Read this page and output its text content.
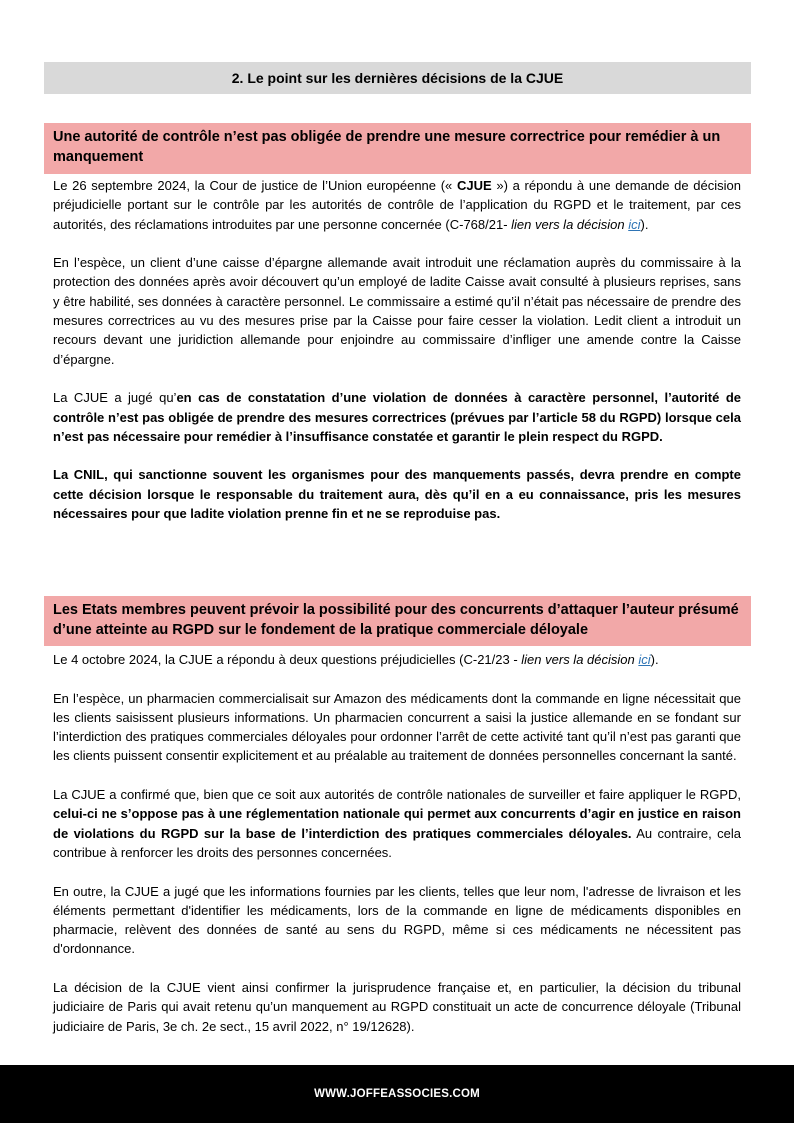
2. Le point sur les dernières décisions de la CJUE
Une autorité de contrôle n’est pas obligée de prendre une mesure correctrice pour remédier à un manquement

Le 26 septembre 2024, la Cour de justice de l’Union européenne (« CJUE ») a répondu à une demande de décision préjudicielle portant sur le contrôle par les autorités de contrôle de l’application du RGPD et le traitement, par ces autorités, des réclamations introduites par une personne concernée (C-768/21- lien vers la décision ici).

En l’espèce, un client d’une caisse d’épargne allemande avait introduit une réclamation auprès du commissaire à la protection des données après avoir découvert qu’un employé de ladite Caisse avait consulté à plusieurs reprises, sans y être habilité, ses données à caractère personnel. Le commissaire a estimé qu’il n’était pas nécessaire de prendre des mesures correctrices au vu des mesures prise par la Caisse pour faire cesser la violation. Ledit client a introduit un recours devant une juridiction allemande pour enjoindre au commissaire d’infliger une amende contre la Caisse d’épargne.

La CJUE a jugé qu’en cas de constatation d’une violation de données à caractère personnel, l’autorité de contrôle n’est pas obligée de prendre des mesures correctrices (prévues par l’article 58 du RGPD) lorsque cela n’est pas nécessaire pour remédier à l’insuffisance constatée et garantir le plein respect du RGPD.

La CNIL, qui sanctionne souvent les organismes pour des manquements passés, devra prendre en compte cette décision lorsque le responsable du traitement aura, dès qu’il en a eu connaissance, pris les mesures nécessaires pour que ladite violation prenne fin et ne se reproduise pas.

Les Etats membres peuvent prévoir la possibilité pour des concurrents d’attaquer l’auteur présumé d’une atteinte au RGPD sur le fondement de la pratique commerciale déloyale

Le 4 octobre 2024, la CJUE a répondu à deux questions préjudicielles (C-21/23 - lien vers la décision ici).

En l’espèce, un pharmacien commercialisait sur Amazon des médicaments dont la commande en ligne nécessitait que les clients saisissent plusieurs informations. Un pharmacien concurrent a saisi la justice allemande en se fondant sur l’interdiction des pratiques commerciales déloyales pour ordonner l’arrêt de cette activité tant qu’il n’est pas garanti que les clients puissent consentir explicitement et au préalable au traitement de données personnelles concernant la santé.

La CJUE a confirmé que, bien que ce soit aux autorités de contrôle nationales de surveiller et faire appliquer le RGPD, celui-ci ne s’oppose pas à une réglementation nationale qui permet aux concurrents d’agir en justice en raison de violations du RGPD sur la base de l’interdiction des pratiques commerciales déloyales. Au contraire, cela contribue à renforcer les droits des personnes concernées.

En outre, la CJUE a jugé que les informations fournies par les clients, telles que leur nom, l'adresse de livraison et les éléments permettant d'identifier les médicaments, lors de la commande en ligne de médicaments disponibles en pharmacie, relèvent des données de santé au sens du RGPD, même si ces médicaments ne nécessitent pas d'ordonnance.

La décision de la CJUE vient ainsi confirmer la jurisprudence française et, en particulier, la décision du tribunal judiciaire de Paris qui avait retenu qu’un manquement au RGPD constituait un acte de concurrence déloyale (Tribunal judiciaire de Paris, 3e ch. 2e sect., 15 avril 2022, n° 19/12628).

WWW.JOFFEASSOCIES.COM
